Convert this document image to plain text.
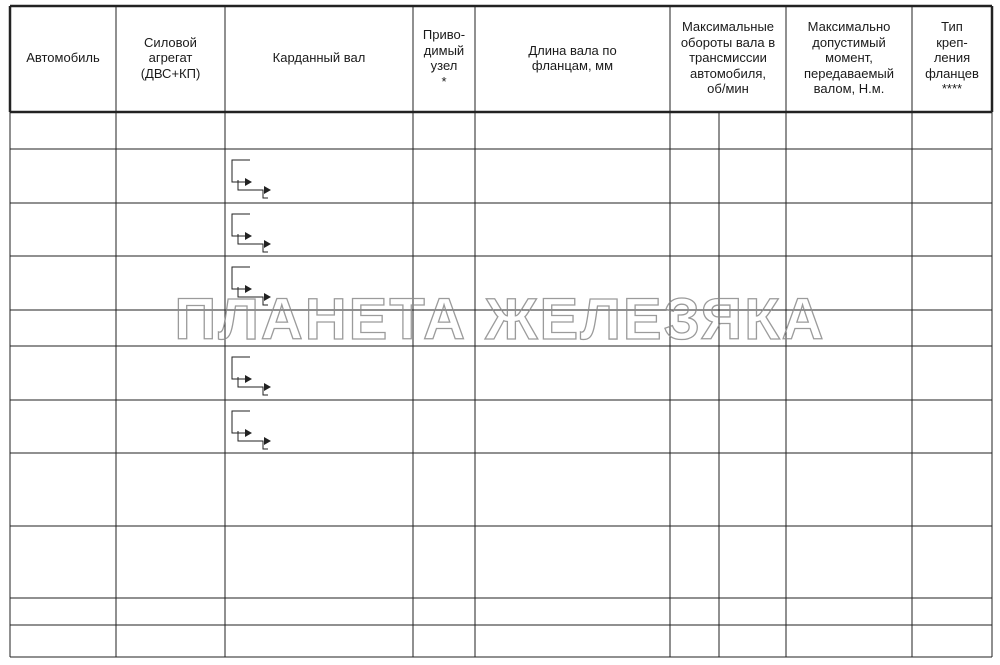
Автомобиль
Силовой
агрегат
(ДВС+КП)
Карданный вал
Приво-
димый
узел
*
Длина вала по
фланцам, мм
Максимальные
обороты вала в
трансмиссии
автомобиля,
об/мин
Максимально
допустимый
момент,
передаваемый
валом, Н.м.
Тип
креп-
ления
фланцев
****
ПЛАНЕТА ЖЕЛЕЗЯКА
